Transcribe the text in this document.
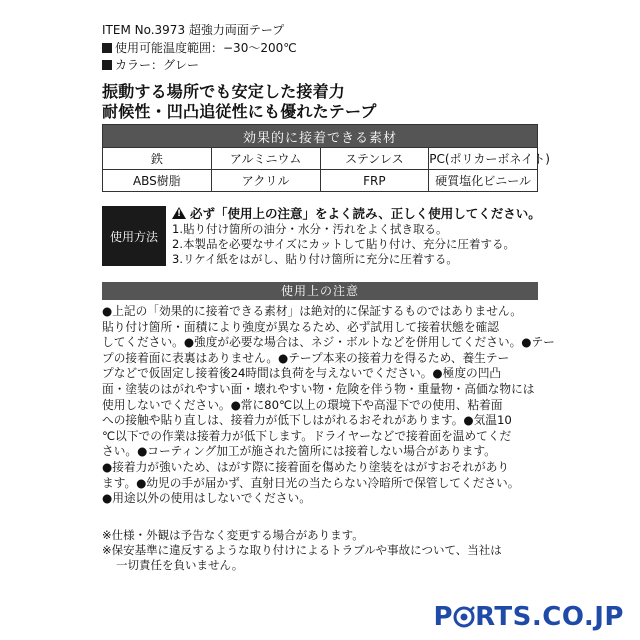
ITEM No.3973 超強力両面テープ
使用可能温度範囲：−30〜200℃
カラー：グレー
振動する場所でも安定した接着力
耐候性・凹凸追従性にも優れたテープ
効果的に接着できる素材			
鉄	アルミニウム	ステンレス	PC(ポリカーボネイト)
ABS樹脂	アクリル	FRP	硬質塩化ビニール
使用方法
! 必ず「使用上の注意」をよく読み、正しく使用してください。
1.貼り付け箇所の油分・水分・汚れをよく拭き取る。
2.本製品を必要なサイズにカットして貼り付け、充分に圧着する。
3.リケイ紙をはがし、貼り付け箇所に充分に圧着する。
使用上の注意
●上記の「効果的に接着できる素材」は絶対的に保証するものではありません。
貼り付け箇所・面積により強度が異なるため、必ず試用して接着状態を確認
してください。●強度が必要な場合は、ネジ・ボルトなどを併用してください。●テー
プの接着面に表裏はありません。●テープ本来の接着力を得るため、養生テー
プなどで仮固定し接着後24時間は負荷を与えないでください。●極度の凹凸
面・塗装のはがれやすい面・壊れやすい物・危険を伴う物・重量物・高価な物には
使用しないでください。●常に80℃以上の環境下や高湿下での使用、粘着面
への接触や貼り直しは、接着力が低下しはがれるおそれがあります。●気温10
℃以下での作業は接着力が低下します。ドライヤーなどで接着面を温めてくだ
さい。●コーティング加工が施された箇所には接着しない場合があります。
●接着力が強いため、はがす際に接着面を傷めたり塗装をはがすおそれがあり
ます。●幼児の手が届かず、直射日光の当たらない冷暗所で保管してください。
●用途以外の使用はしないでください。
※仕様・外観は予告なく変更する場合があります。
※保安基準に違反するような取り付けによるトラブルや事故について、当社は
一切責任を負いません。
P RTS.CO.JP
